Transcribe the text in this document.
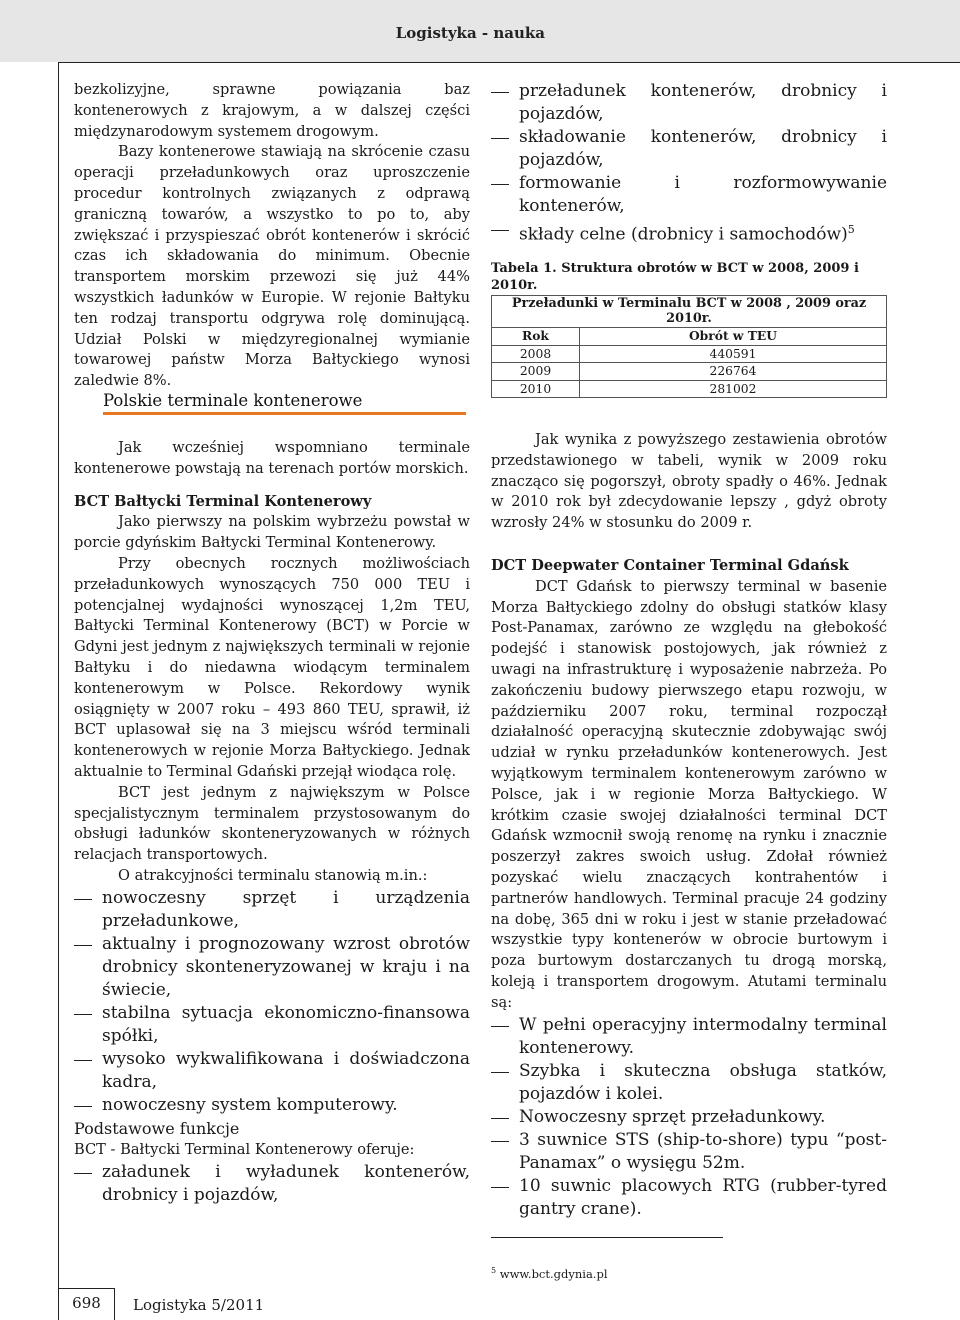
Logistyka - nauka

bezkolizyjne, sprawne powiązania baz kontenerowych z krajowym, a w dalszej części międzynarodowym systemem drogowym.

Bazy kontenerowe stawiają na skrócenie czasu operacji przeładunkowych oraz uproszczenie procedur kontrolnych związanych z odprawą graniczną towarów, a wszystko to po to, aby zwiększać i przyspieszać obrót kontenerów i skrócić czas ich składowania do minimum. Obecnie transportem morskim przewozi się już 44% wszystkich ładunków w Europie. W rejonie Bałtyku ten rodzaj transportu odgrywa rolę dominującą. Udział Polski w międzyregionalnej wymianie towarowej państw Morza Bałtyckiego wynosi zaledwie 8%.

Polskie terminale kontenerowe

Jak wcześniej wspomniano terminale kontenerowe powstają na terenach portów morskich.

BCT Bałtycki Terminal Kontenerowy

Jako pierwszy na polskim wybrzeżu powstał w porcie gdyńskim Bałtycki Terminal Kontenerowy.

Przy obecnych rocznych możliwościach przeładunkowych wynoszących 750 000 TEU i potencjalnej wydajności wynoszącej 1,2m TEU, Bałtycki Terminal Kontenerowy (BCT) w Porcie w Gdyni jest jednym z największych terminali w rejonie Bałtyku i do niedawna wiodącym terminalem kontenerowym w Polsce. Rekordowy wynik osiągnięty w 2007 roku – 493 860 TEU, sprawił, iż BCT uplasował się na 3 miejscu wśród terminali kontenerowych w rejonie Morza Bałtyckiego. Jednak aktualnie to Terminal Gdański przejął wiodąca rolę.

BCT jest jednym z największym w Polsce specjalistycznym terminalem przystosowanym do obsługi ładunków skonteneryzowanych w różnych relacjach transportowych.

O atrakcyjności terminalu stanowią m.in.:

nowoczesny sprzęt i urządzenia przeładunkowe,
aktualny i prognozowany wzrost obrotów drobnicy skonteneryzowanej w kraju i na świecie,
stabilna sytuacja ekonomiczno-finansowa spółki,
wysoko wykwalifikowana i doświadczona kadra,
nowoczesny system komputerowy.

Podstawowe funkcje

BCT - Bałtycki Terminal Kontenerowy oferuje:

załadunek i wyładunek kontenerów, drobnicy i pojazdów,
przeładunek kontenerów, drobnicy i pojazdów,
składowanie kontenerów, drobnicy i pojazdów,
formowanie i rozformowywanie kontenerów,
składy celne (drobnicy i samochodów)$^5$
Tabela 1. Struktura obrotów w BCT w 2008, 2009 i 2010r.
Przeładunki w Terminalu BCT w 2008 , 2009 oraz 2010r.	
Rok	Obrót w TEU
2008	440591
2009	226764
2010	281002

Jak wynika z powyższego zestawienia obrotów przedstawionego w tabeli, wynik w 2009 roku znacząco się pogorszył, obroty spadły o 46%. Jednak w 2010 rok był zdecydowanie lepszy , gdyż obroty wzrosły 24% w stosunku do 2009 r.

DCT Deepwater Container Terminal Gdańsk

DCT Gdańsk to pierwszy terminal w basenie Morza Bałtyckiego zdolny do obsługi statków klasy Post-Panamax, zarówno ze względu na głebokość podejść i stanowisk postojowych, jak również z uwagi na infrastrukturę i wyposażenie nabrzeża. Po zakończeniu budowy pierwszego etapu rozwoju, w październiku 2007 roku, terminal rozpoczął działalność operacyjną skutecznie zdobywając swój udział w rynku przeładunków kontenerowych. Jest wyjątkowym terminalem kontenerowym zarówno w Polsce, jak i w regionie Morza Bałtyckiego. W krótkim czasie swojej działalności terminal DCT Gdańsk wzmocnił swoją renomę na rynku i znacznie poszerzył zakres swoich usług. Zdołał również pozyskać wielu znaczących kontrahentów i partnerów handlowych. Terminal pracuje 24 godziny na dobę, 365 dni w roku i jest w stanie przeładować wszystkie typy kontenerów w obrocie burtowym i poza burtowym dostarczanych tu drogą morską, koleją i transportem drogowym. Atutami terminalu są:

W pełni operacyjny intermodalny terminal kontenerowy.
Szybka i skuteczna obsługa statków, pojazdów i kolei.
Nowoczesny sprzęt przeładunkowy.
3 suwnice STS (ship-to-shore) typu “post-Panamax” o wysięgu 52m.
10 suwnic placowych RTG (rubber-tyred gantry crane).
$^5$ www.bct.gdynia.pl
698	Logistyka 5/2011
